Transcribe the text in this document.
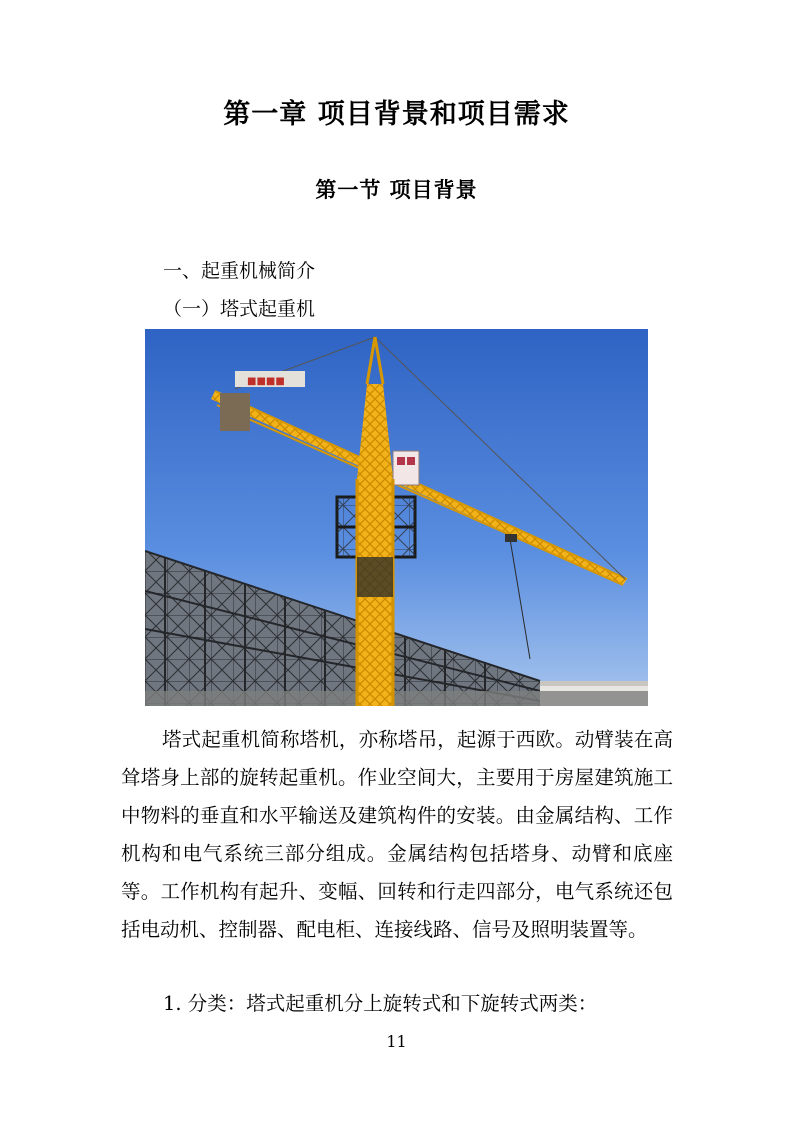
第一章 项目背景和项目需求
第一节 项目背景

一、起重机械简介

（一）塔式起重机

■■■■

塔式起重机简称塔机，亦称塔吊，起源于西欧。动臂装在高耸塔身上部的旋转起重机。作业空间大，主要用于房屋建筑施工中物料的垂直和水平输送及建筑构件的安装。由金属结构、工作机构和电气系统三部分组成。金属结构包括塔身、动臂和底座等。工作机构有起升、变幅、回转和行走四部分，电气系统还包括电动机、控制器、配电柜、连接线路、信号及照明装置等。

1. 分类：塔式起重机分上旋转式和下旋转式两类：

11
